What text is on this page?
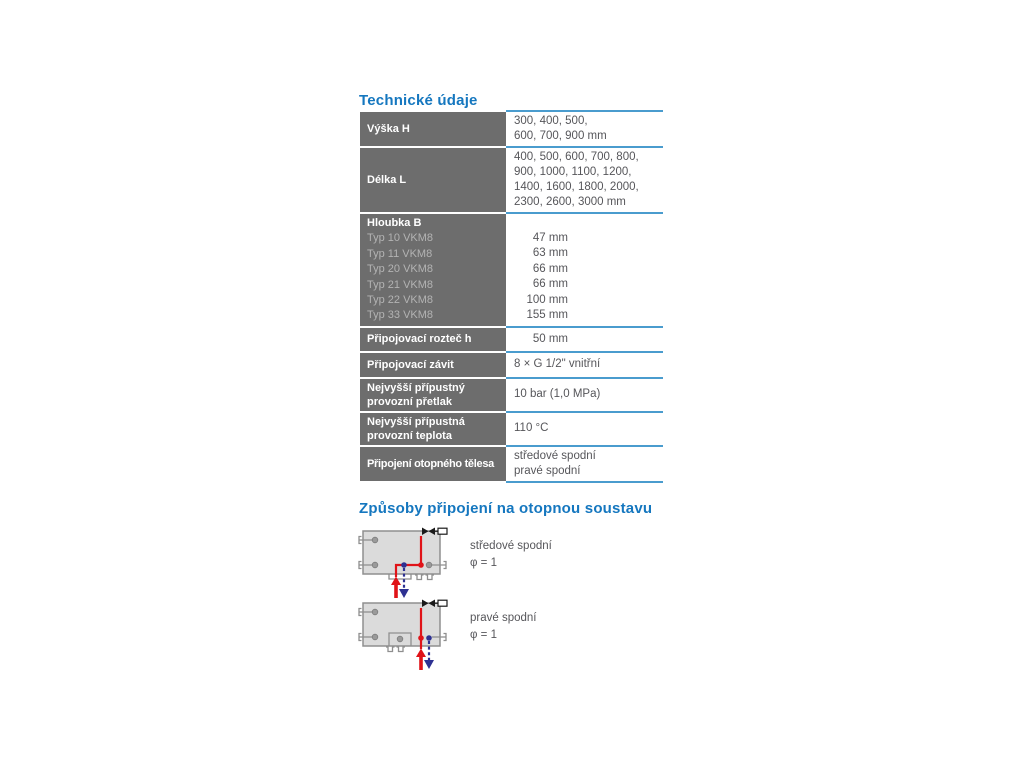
Technické údaje
Výška H
300, 400, 500,
600, 700, 900 mm
Délka L
400, 500, 600, 700, 800,
900, 1000, 1100, 1200,
1400, 1600, 1800, 2000,
2300, 2600, 3000 mm
Hloubka B
Typ 10 VKM8
Typ 11 VKM8
Typ 20 VKM8
Typ 21 VKM8
Typ 22 VKM8
Typ 33 VKM8
47 mm
63 mm
66 mm
66 mm
100 mm
155 mm
Připojovací rozteč h	50 mm
Připojovací závit	8 × G 1/2" vnitřní
Nejvyšší přípustný provozní přetlak
10 bar (1,0 MPa)
Nejvyšší přípustná provozní teplota
110 °C
Připojení otopného tělesa
středové spodní
pravé spodní
Způsoby připojení na otopnou soustavu
středové spodní
φ = 1
pravé spodní
φ = 1
